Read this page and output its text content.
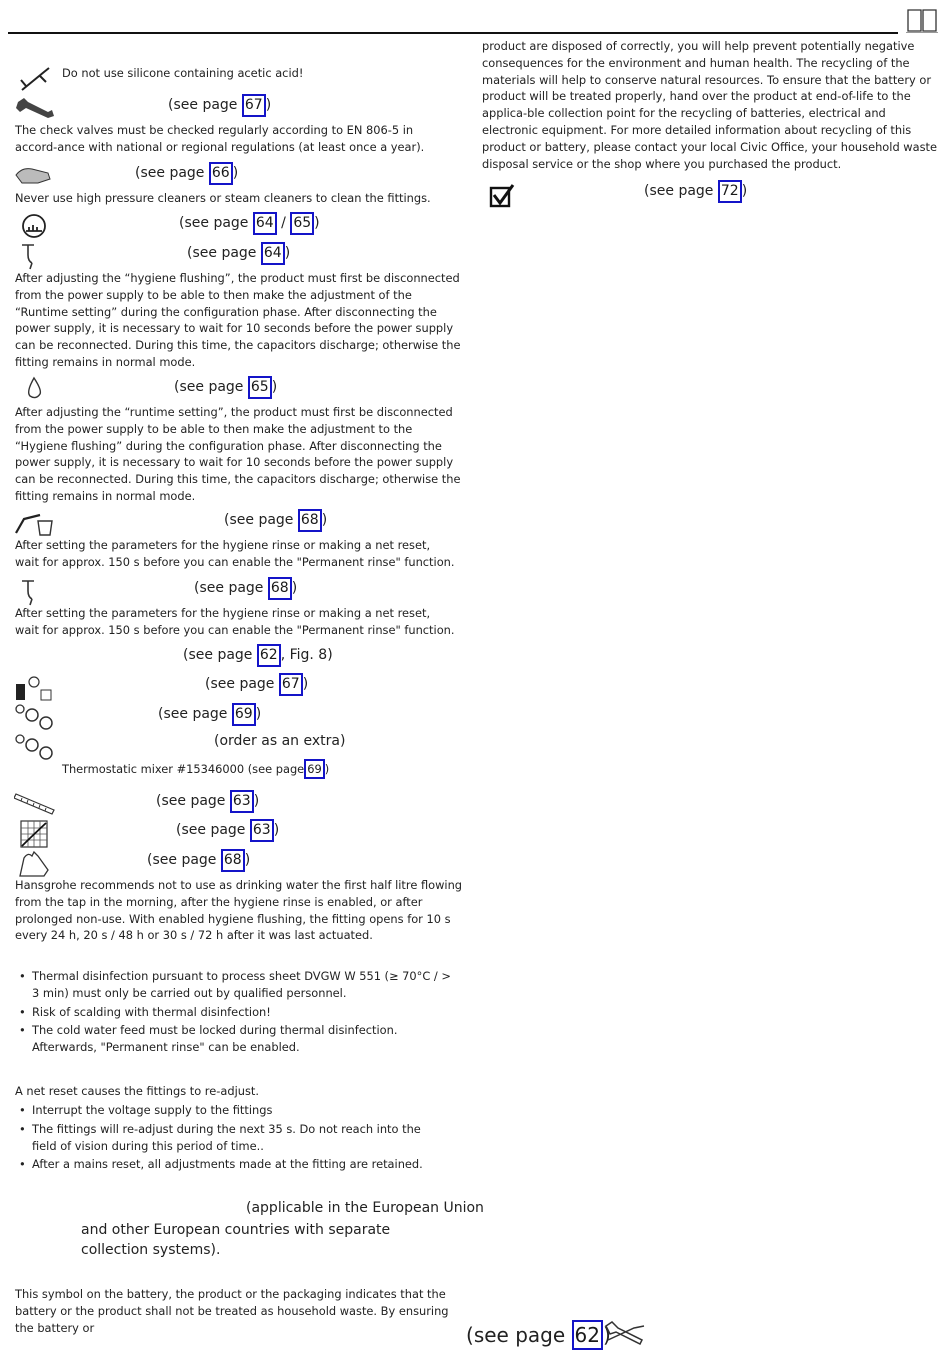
Do not use silicone containing acetic acid!
(see page 67 )
The check valves must be checked regularly according to EN 806-5 in accord-ance with national or regional regulations (at least once a year).
(see page 66 )
Never use high pressure cleaners or steam cleaners to clean the fittings.
(see page 64 / 65 )
(see page 64 )
After adjusting the “hygiene flushing”, the product must first be disconnected from the power supply to be able to then make the adjustment of the “Runtime setting” during the configuration phase. After disconnecting the power supply, it is necessary to wait for 10 seconds before the power supply can be reconnected. During this time, the capacitors discharge; otherwise the fitting remains in normal mode.
(see page 65 )
After adjusting the “runtime setting”, the product must first be disconnected from the power supply to be able to then make the adjustment to the “Hygiene flushing” during the configuration phase. After disconnecting the power supply, it is necessary to wait for 10 seconds before the power supply can be reconnected. During this time, the capacitors discharge; otherwise the fitting remains in normal mode.
(see page 68 )
After setting the parameters for the hygiene rinse or making a net reset, wait for approx. 150 s before you can enable the "Permanent rinse" function.
(see page 68 )
After setting the parameters for the hygiene rinse or making a net reset, wait for approx. 150 s before you can enable the "Permanent rinse" function.
(see page 62 , Fig. 8)
(see page 67 )
(see page 69 )
(order as an extra)
Thermostatic mixer #15346000 (see page 69 )
(see page 63 )
(see page 63 )
(see page 68 )
Hansgrohe recommends not to use as drinking water the first half litre flowing from the tap in the morning, after the hygiene rinse is enabled, or after prolonged non-use. With enabled hygiene flushing, the fitting opens for 10 s every 24 h, 20 s / 48 h or 30 s / 72 h after it was last actuated.
• Thermal disinfection pursuant to process sheet DVGW W 551 (≥ 70°C / > 3 min) must only be carried out by qualified personnel.
• Risk of scalding with thermal disinfection!
• The cold water feed must be locked during thermal disinfection. Afterwards, "Permanent rinse" can be enabled.
A net reset causes the fittings to re-adjust.
• Interrupt the voltage supply to the fittings
• The fittings will re-adjust during the next 35 s. Do not reach into the field of vision during this period of time..
• After a mains reset, all adjustments made at the fitting are retained.
(applicable in the European Union
and other European countries with separate collection systems).
This symbol on the battery, the product or the packaging indicates that the battery or the product shall not be treated as household waste. By ensuring the battery or
product are disposed of correctly, you will help prevent potentially negative consequences for the environment and human health. The recycling of the materials will help to conserve natural resources. To ensure that the battery or product will be treated properly, hand over the product at end-of-life to the applica-ble collection point for the recycling of batteries, electrical and electronic equipment. For more detailed information about recycling of this product or battery, please contact your local Civic Office, your household waste disposal service or the shop where you purchased the product.
(see page 72 )
(see page 62 )
